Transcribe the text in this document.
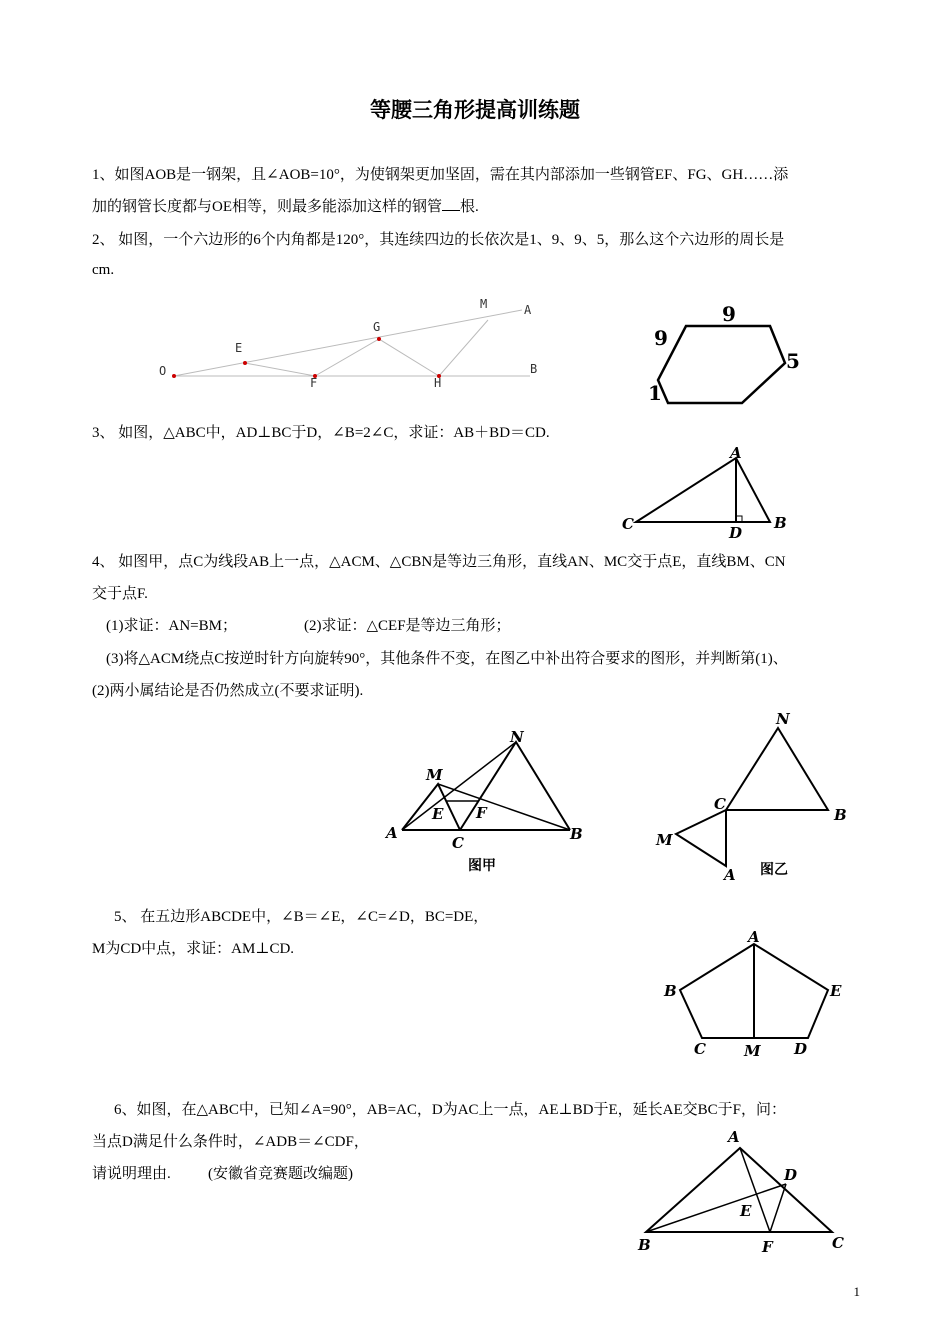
等腰三角形提高训练题
1、如图AOB是一钢架，且∠AOB=10°，为使钢架更加坚固，需在其内部添加一些钢管EF、FG、GH……添
加的钢管长度都与OE相等，则最多能添加这样的钢管 根.
2、 如图，一个六边形的6个内角都是120°，其连续四边的长依次是1、9、9、5，那么这个六边形的周长是
cm.
O
E
G
F	H
M	A
B
9
9
5
1
3、 如图，△ABC中，AD⊥BC于D，∠B=2∠C，求证：AB＋BD＝CD.
A
C	D
B
4、 如图甲，点C为线段AB上一点，△ACM、△CBN是等边三角形，直线AN、MC交于点E，直线BM、CN
交于点F.
(1)求证：AN=BM；	(2)求证：△CEF是等边三角形；
(3)将△ACM绕点C按逆时针方向旋转90°，其他条件不变，在图乙中补出符合要求的图形，并判断第(1)、
(2)两小属结论是否仍然成立(不要求证明).
N
M
E F
A
C	B
图甲
N
C
B
M
A 图乙
5、 在五边形ABCDE中，∠B＝∠E，∠C=∠D，BC=DE，
M为CD中点，求证：AM⊥CD.
A
B	E
C	M D
6、如图，在△ABC中，已知∠A=90°，AB=AC，D为AC上一点，AE⊥BD于E，延长AE交BC于F，问：
当点D满足什么条件时，∠ADB＝∠CDF，
请说明理由. (安徽省竞赛题改编题)
A
D
E
B	F	C
1
